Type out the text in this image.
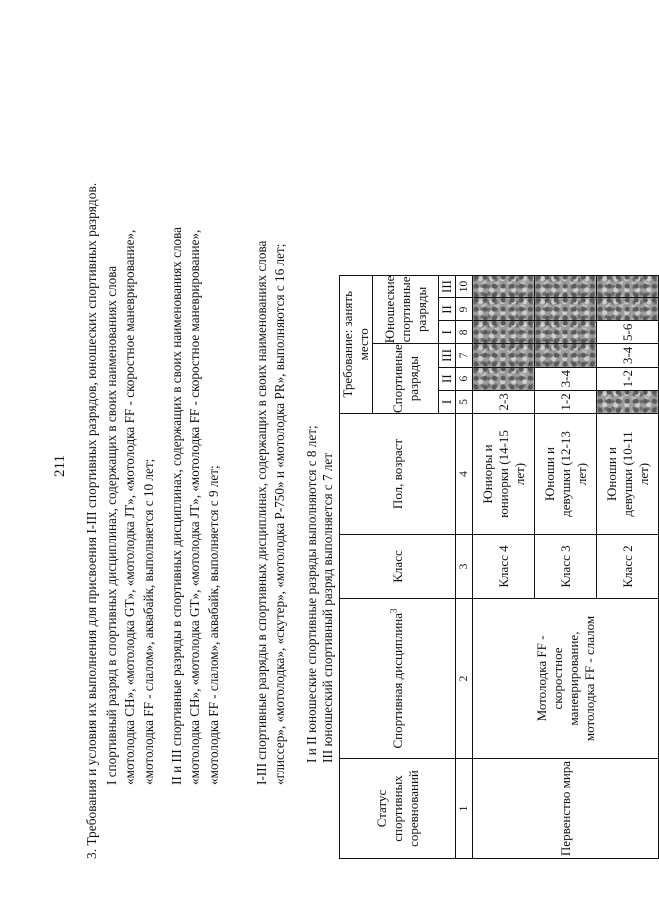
211 3. Требования и условия их выполнения для присвоения I-III спортивных разрядов, юношеских спортивных разрядов. I спортивный разряд в спортивных дисциплинах, содержащих в своих наименованиях слова «мотолодка СН», «мотолодка GT», «мотолодка JT», «мотолодка FF - скоростное маневрирование», «мотолодка FF - слалом», аквабайк, выполняется с 10 лет; II и III спортивные разряды в спортивных дисциплинах, содержащих в своих наименованиях слова «мотолодка СН», «мотолодка GT», «мотолодка JT», «мотолодка FF - скоростное маневрирование», «мотолодка FF - слалом», аквабайк, выполняется с 9 лет;	I-III спортивные разряды в спортивных дисциплинах, содержащих в своих наименованиях слова «глиссер», «мотолодка», «скутер», «мотолодка Р-750» и «мотолодка PR», выполняются с 16 лет; I и II юношеские спортивные разряды выполняются с 8 лет; III юношеский спортивный разряд выполняется с 7 лет
Статус спортивных соревнований	Спортивная дисциплина$^3$	Класс	Пол, возраст	Требование: занять место					
				Спортивные разряды			Юношеские спортивные разряды		
				I	II	III	I	II	III
1	2	3	4	5	6	7	8	9	10
Первенство мира	Мотолодка FF - скоростное маневрирование, мотолодка FF - слалом	Класс 4	Юниоры и юниорки (14-15 лет)	2-3					
		Класс 3	Юноши и девушки (12-13 лет)	1-2	3-4				
		Класс 2	Юноши и девушки (10-11 лет)		1-2	3-4	5-6		
